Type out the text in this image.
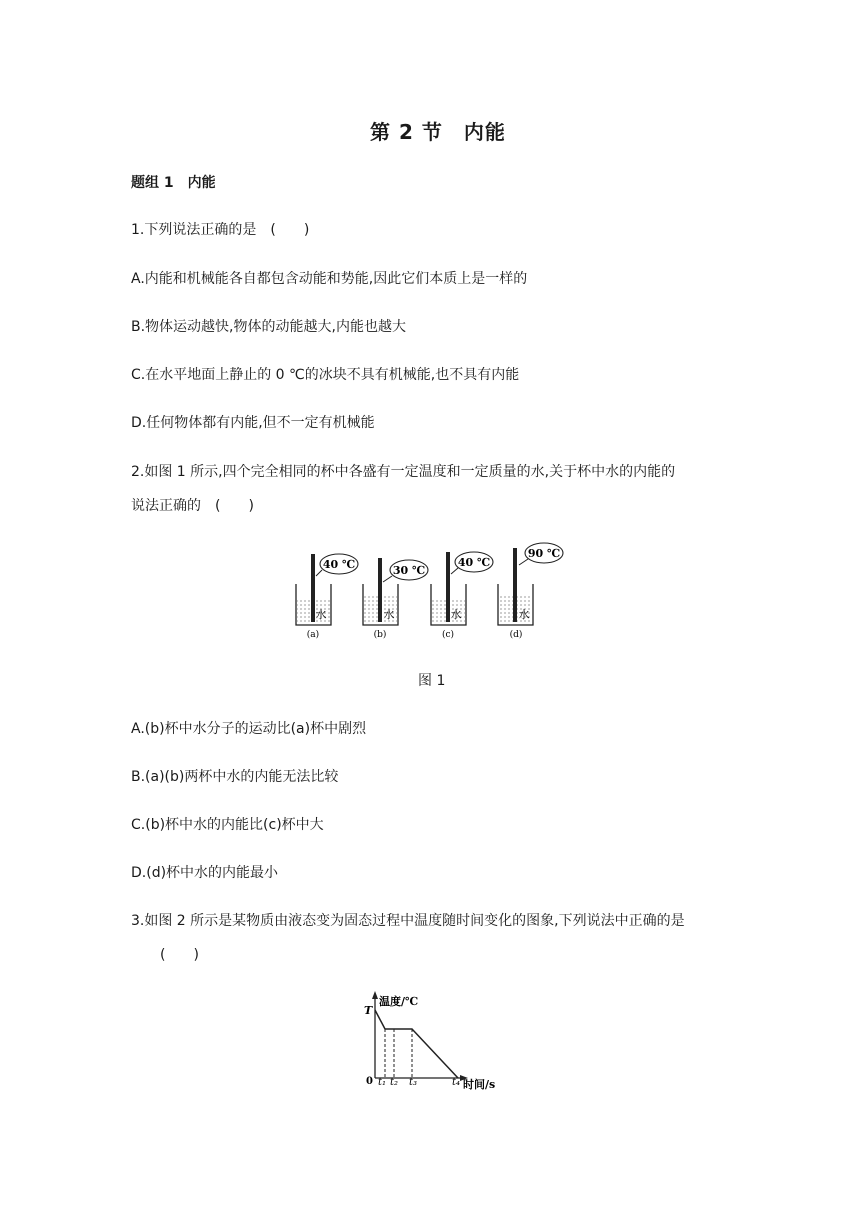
第 2 节　内能
题组 1　内能
1.下列说法正确的是　(　　)
A.内能和机械能各自都包含动能和势能,因此它们本质上是一样的
B.物体运动越快,物体的动能越大,内能也越大
C.在水平地面上静止的 0 ℃的冰块不具有机械能,也不具有内能
D.任何物体都有内能,但不一定有机械能
2.如图 1 所示,四个完全相同的杯中各盛有一定温度和一定质量的水,关于杯中水的内能的
说法正确的　(　　)
40 ℃
水
(a)
30 ℃
水
(b)
40 ℃
水
(c)
90 ℃
水
(d)
图 1
A.(b)杯中水分子的运动比(a)杯中剧烈
B.(a)(b)两杯中水的内能无法比较
C.(b)杯中水的内能比(c)杯中大
D.(d)杯中水的内能最小
3.如图 2 所示是某物质由液态变为固态过程中温度随时间变化的图象,下列说法中正确的是
(　　)
温度/℃
T
0 t₁ t₂ t₃	t₄ 时间/s
